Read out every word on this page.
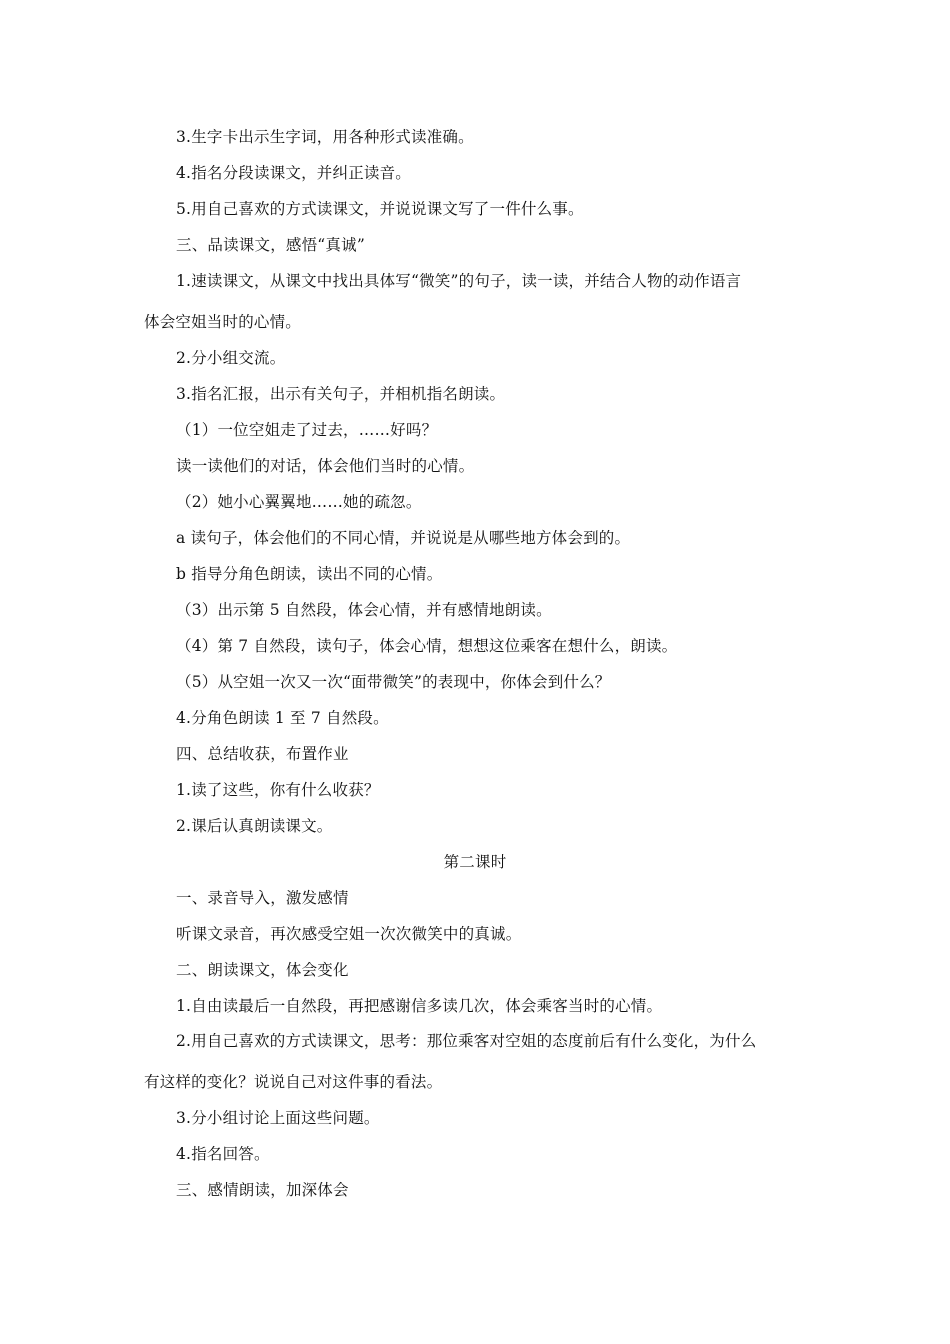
3.生字卡出示生字词，用各种形式读准确。
4.指名分段读课文，并纠正读音。
5.用自己喜欢的方式读课文，并说说课文写了一件什么事。
三、品读课文，感悟“真诚”
1.速读课文，从课文中找出具体写“微笑”的句子，读一读，并结合人物的动作语言
体会空姐当时的心情。
2.分小组交流。
3.指名汇报，出示有关句子，并相机指名朗读。
（1）一位空姐走了过去，……好吗？
读一读他们的对话，体会他们当时的心情。
（2）她小心翼翼地……她的疏忽。
a 读句子，体会他们的不同心情，并说说是从哪些地方体会到的。
b 指导分角色朗读，读出不同的心情。
（3）出示第 5 自然段，体会心情，并有感情地朗读。
（4）第 7 自然段，读句子，体会心情，想想这位乘客在想什么，朗读。
（5）从空姐一次又一次“面带微笑”的表现中，你体会到什么？
4.分角色朗读 1 至 7 自然段。
四、总结收获，布置作业
1.读了这些，你有什么收获？
2.课后认真朗读课文。
第二课时
一、录音导入，激发感情
听课文录音，再次感受空姐一次次微笑中的真诚。
二、朗读课文，体会变化
1.自由读最后一自然段，再把感谢信多读几次，体会乘客当时的心情。
2.用自己喜欢的方式读课文，思考：那位乘客对空姐的态度前后有什么变化，为什么
有这样的变化？说说自己对这件事的看法。
3.分小组讨论上面这些问题。
4.指名回答。
三、感情朗读，加深体会
